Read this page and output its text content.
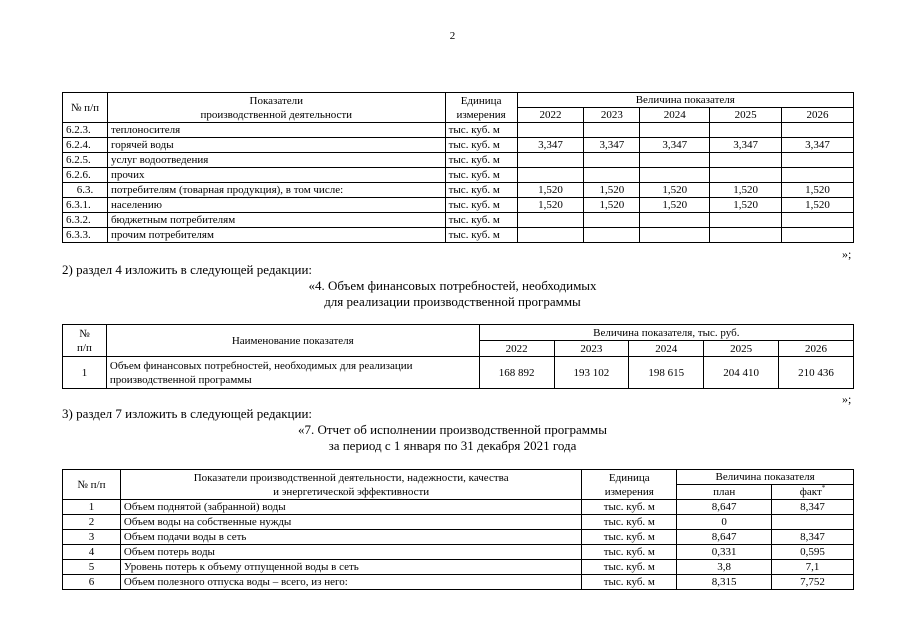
2
№ п/п	Показатели
производственной деятельности	Единица
измерения	Величина показателя				
			2022	2023	2024	2025	2026
6.2.3.	теплоносителя	тыс. куб. м					
6.2.4.	горячей воды	тыс. куб. м	3,347	3,347	3,347	3,347	3,347
6.2.5.	услуг водоотведения	тыс. куб. м					
6.2.6.	прочих	тыс. куб. м					
6.3.	потребителям (товарная продукция), в том числе:	тыс. куб. м	1,520	1,520	1,520	1,520	1,520
6.3.1.	населению	тыс. куб. м	1,520	1,520	1,520	1,520	1,520
6.3.2.	бюджетным потребителям	тыс. куб. м					
6.3.3.	прочим потребителям	тыс. куб. м					
»;
2) раздел 4 изложить в следующей редакции:
«4. Объем финансовых потребностей, необходимых
для реализации производственной программы
№
п/п	Наименование показателя	Величина показателя, тыс. руб.				
		2022	2023	2024	2025	2026
1	Объем финансовых потребностей, необходимых для реализации
производственной программы	168 892	193 102	198 615	204 410	210 436
»;
3) раздел 7 изложить в следующей редакции:
«7. Отчет об исполнении производственной программы
за период с 1 января по 31 декабря 2021 года
№ п/п	Показатели производственной деятельности, надежности, качества
и энергетической эффективности	Единица
измерения	Величина показателя	
			план	факт*
1	Объем поднятой (забранной) воды	тыс. куб. м	8,647	8,347
2	Объем воды на собственные нужды	тыс. куб. м	0	
3	Объем подачи воды в сеть	тыс. куб. м	8,647	8,347
4	Объем потерь воды	тыс. куб. м	0,331	0,595
5	Уровень потерь к объему отпущенной воды в сеть	тыс. куб. м	3,8	7,1
6	Объем полезного отпуска воды – всего, из него:	тыс. куб. м	8,315	7,752
